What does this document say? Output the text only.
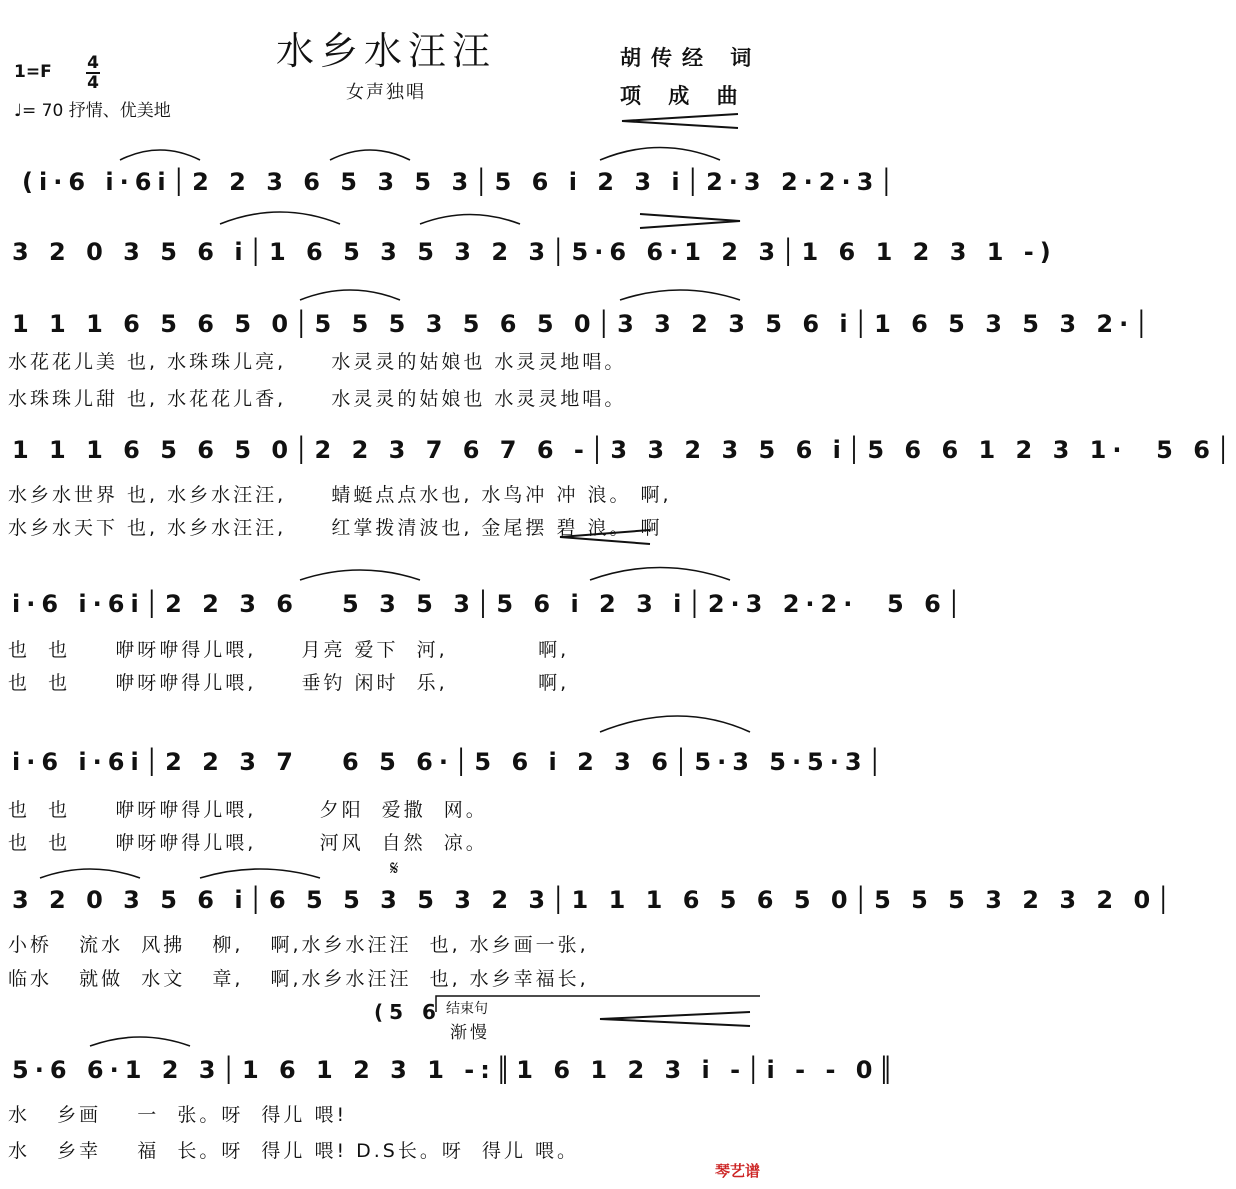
水乡水汪汪
女声独唱
1=F 4
4
♩= 70 抒情、优美地
胡传经 词
项 成 曲
(i·6 i·6i│2 2 3 6 5 3 5 3│5 6 i 2 3 i│2·3 2·2·3│
3 2 0 3 5 6 i│1 6 5 3 5 3 2 3│5·6 6·1 2 3│1 6 1 2 3 1 -)
1 1 1 6 5 6 5 0│5 5 5 3 5 6 5 0│3 3 2 3 5 6 i│1 6 5 3 5 3 2·│
水花花儿美 也, 水珠珠儿亮,     水灵灵的姑娘也 水灵灵地唱。
水珠珠儿甜 也, 水花花儿香,     水灵灵的姑娘也 水灵灵地唱。
1 1 1 6 5 6 5 0│2 2 3 7 6 7 6 -│3 3 2 3 5 6 i│5 6 6 1 2 3 1·  5 6│
水乡水世界 也, 水乡水汪汪,     蜻蜓点点水也, 水鸟冲 冲 浪。 啊,
水乡水天下 也, 水乡水汪汪,     红掌拨清波也, 金尾摆 碧 浪。 啊
i·6 i·6i│2 2 3 6   5 3 5 3│5 6 i 2 3 i│2·3 2·2·  5 6│
也  也     咿呀咿得儿喂,     月亮 爱下  河,          啊,
也  也     咿呀咿得儿喂,     垂钓 闲时  乐,          啊,
i·6 i·6i│2 2 3 7   6 5 6·│5 6 i 2 3 6│5·3 5·5·3│
也  也     咿呀咿得儿喂,       夕阳  爱撒  网。
也  也     咿呀咿得儿喂,       河风  自然  凉。
𝄋
3 2 0 3 5 6 i│6 5 5 3 5 3 2 3│1 1 1 6 5 6 5 0│5 5 5 3 2 3 2 0│
小桥   流水  风拂   柳,   啊,水乡水汪汪  也, 水乡画一张,
临水   就做  水文   章,   啊,水乡水汪汪  也, 水乡幸福长,
(5 6 结束句
渐慢
5·6 6·1 2 3│1 6 1 2 3 1 -:║1 6 1 2 3 i -│i - - 0║
水   乡画    一  张。呀  得儿 喂!
水   乡幸    福  长。呀  得儿 喂! D.S长。呀  得儿 喂。
琴艺谱
